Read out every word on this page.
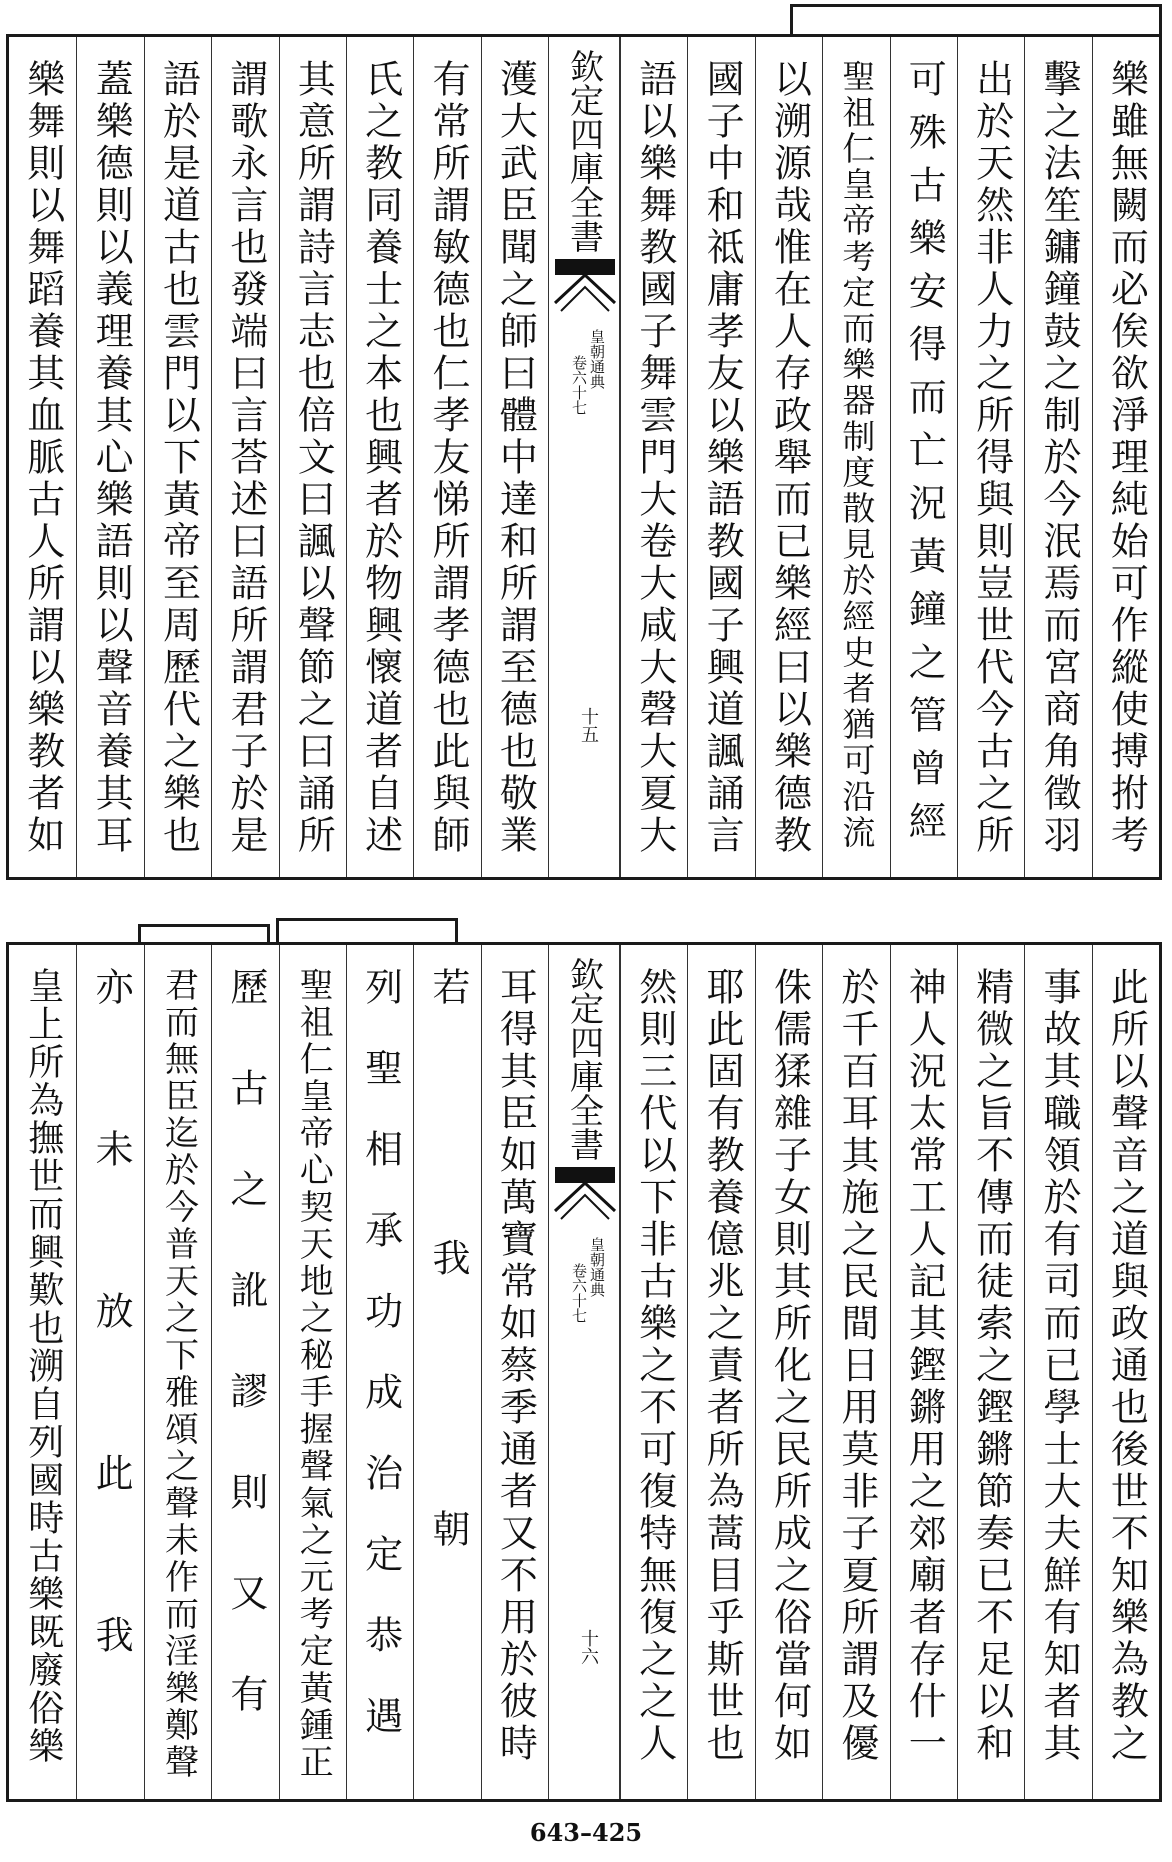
樂舞則以舞蹈養其血脈古人所謂以樂教者如 蓋樂德則以義理養其心樂語則以聲音養其耳 語於是道古也雲門以下黃帝至周歷代之樂也 謂歌永言也發端曰言荅述曰語所謂君子於是 其意所謂詩言志也倍文曰諷以聲節之曰誦所 氏之教同養士之本也興者於物興懷道者自述 有常所謂敏德也仁孝友悌所謂孝德也此與師 濩大武臣聞之師曰體中達和所謂至德也敬業 欽定四庫全書
皇朝通典
卷六十七
十五 語以樂舞教國子舞雲門大卷大咸大磬大夏大 國子中和祗庸孝友以樂語教國子興道諷誦言 以溯源哉惟在人存政舉而已樂經曰以樂德教 聖祖仁皇帝考定而樂器制度散見於經史者猶可沿流 可殊古樂安得而亡況黃鐘之管曾經 出於天然非人力之所得與則豈世代今古之所 擊之法笙鏞鐘鼓之制於今泯焉而宮商角徵羽 樂雖無闕而必俟欲淨理純始可作縱使搏拊考
皇上所為撫世而興歎也溯自列國時古樂既廢俗樂 亦未放此我 君而無臣迄於今普天之下雅頌之聲未作而淫樂鄭聲 歷古之訛謬則又有 聖祖仁皇帝心契天地之秘手握聲氣之元考定黃鍾正 列聖相承功成治定恭遇 若我朝 耳得其臣如萬寶常如蔡季通者又不用於彼時 欽定四庫全書
皇朝通典
卷六十七
十六 然則三代以下非古樂之不可復特無復之之人 耶此固有教養億兆之責者所為蒿目乎斯世也 侏儒猱雜子女則其所化之民所成之俗當何如 於千百耳其施之民間日用莫非子夏所謂及優 神人況太常工人記其鏗鏘用之郊廟者存什一 精微之旨不傳而徒索之鏗鏘節奏已不足以和 事故其職領於有司而已學士大夫鮮有知者其 此所以聲音之道與政通也後世不知樂為教之
643–425
